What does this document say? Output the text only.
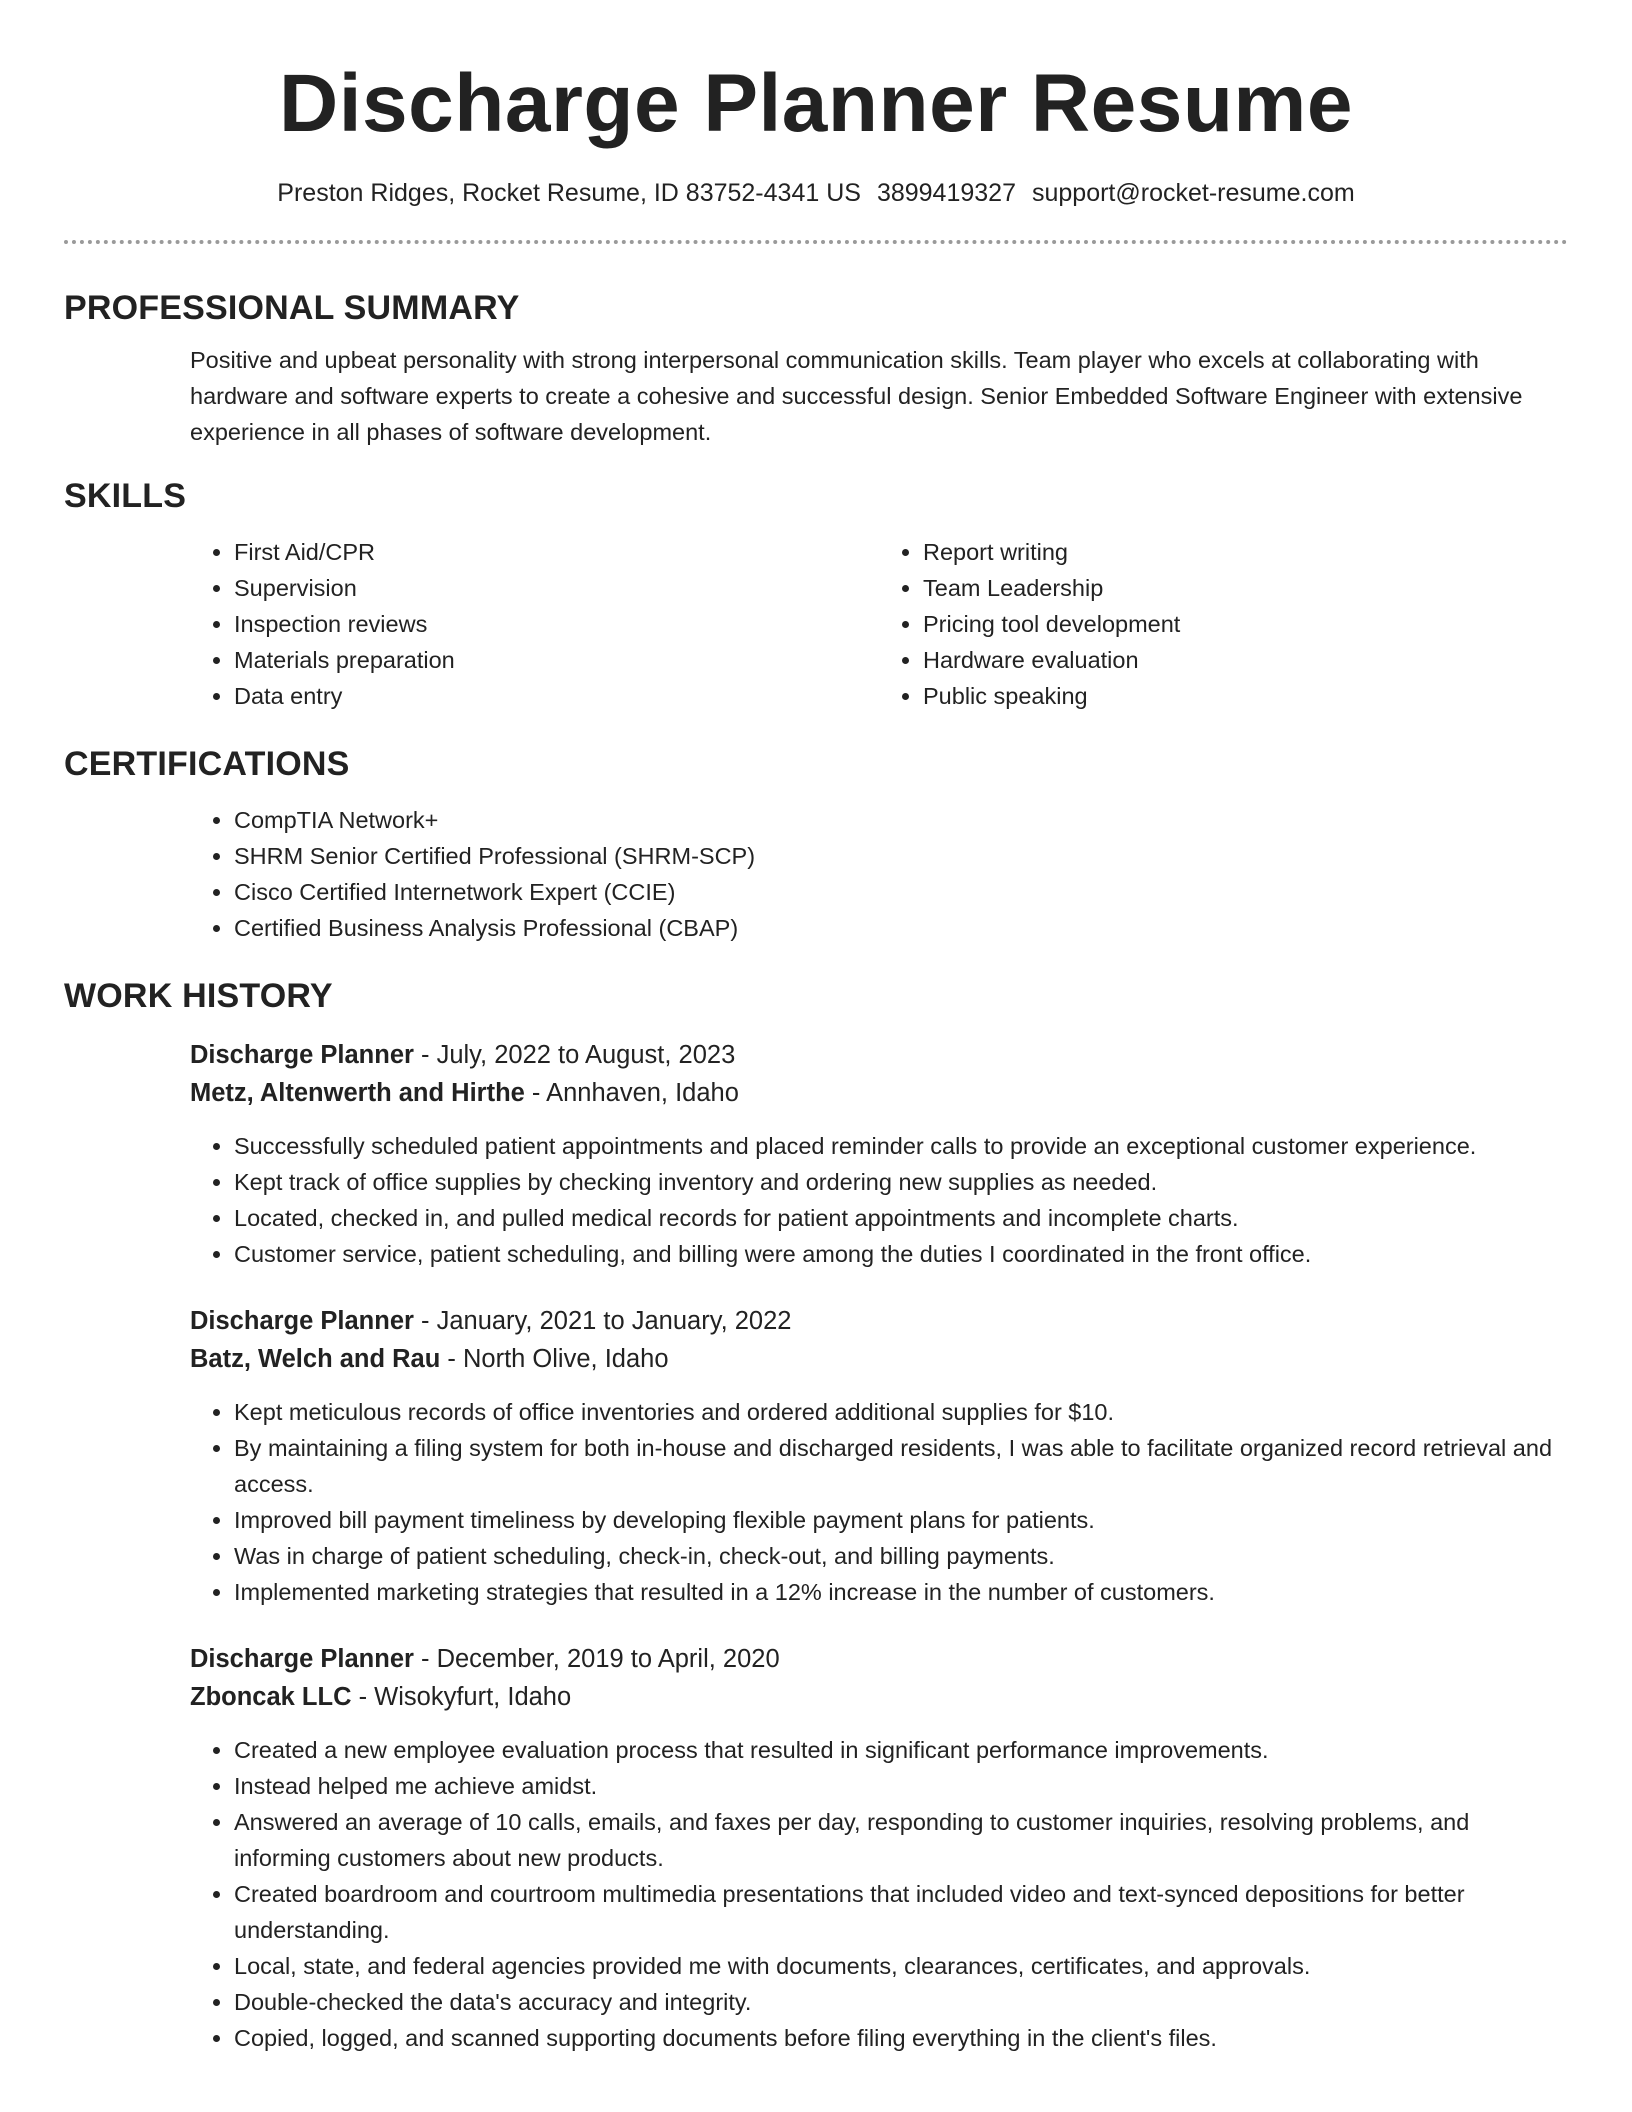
Discharge Planner Resume
Preston Ridges, Rocket Resume, ID 83752-4341 US 3899419327 support@rocket-resume.com
PROFESSIONAL SUMMARY
Positive and upbeat personality with strong interpersonal communication skills. Team player who excels at collaborating with hardware and software experts to create a cohesive and successful design. Senior Embedded Software Engineer with extensive experience in all phases of software development.
SKILLS
• First Aid/CPR
• Supervision
• Inspection reviews
• Materials preparation
• Data entry
• Report writing
• Team Leadership
• Pricing tool development
• Hardware evaluation
• Public speaking
CERTIFICATIONS
• CompTIA Network+
• SHRM Senior Certified Professional (SHRM-SCP)
• Cisco Certified Internetwork Expert (CCIE)
• Certified Business Analysis Professional (CBAP)
WORK HISTORY
Discharge Planner - July, 2022 to August, 2023
Metz, Altenwerth and Hirthe - Annhaven, Idaho
• Successfully scheduled patient appointments and placed reminder calls to provide an exceptional customer experience.
• Kept track of office supplies by checking inventory and ordering new supplies as needed.
• Located, checked in, and pulled medical records for patient appointments and incomplete charts.
• Customer service, patient scheduling, and billing were among the duties I coordinated in the front office.
Discharge Planner - January, 2021 to January, 2022
Batz, Welch and Rau - North Olive, Idaho
• Kept meticulous records of office inventories and ordered additional supplies for $10.
• By maintaining a filing system for both in-house and discharged residents, I was able to facilitate organized record retrieval and access.
• Improved bill payment timeliness by developing flexible payment plans for patients.
• Was in charge of patient scheduling, check-in, check-out, and billing payments.
• Implemented marketing strategies that resulted in a 12% increase in the number of customers.
Discharge Planner - December, 2019 to April, 2020
Zboncak LLC - Wisokyfurt, Idaho
• Created a new employee evaluation process that resulted in significant performance improvements.
• Instead helped me achieve amidst.
• Answered an average of 10 calls, emails, and faxes per day, responding to customer inquiries, resolving problems, and informing customers about new products.
• Created boardroom and courtroom multimedia presentations that included video and text-synced depositions for better understanding.
• Local, state, and federal agencies provided me with documents, clearances, certificates, and approvals.
• Double-checked the data's accuracy and integrity.
• Copied, logged, and scanned supporting documents before filing everything in the client's files.
